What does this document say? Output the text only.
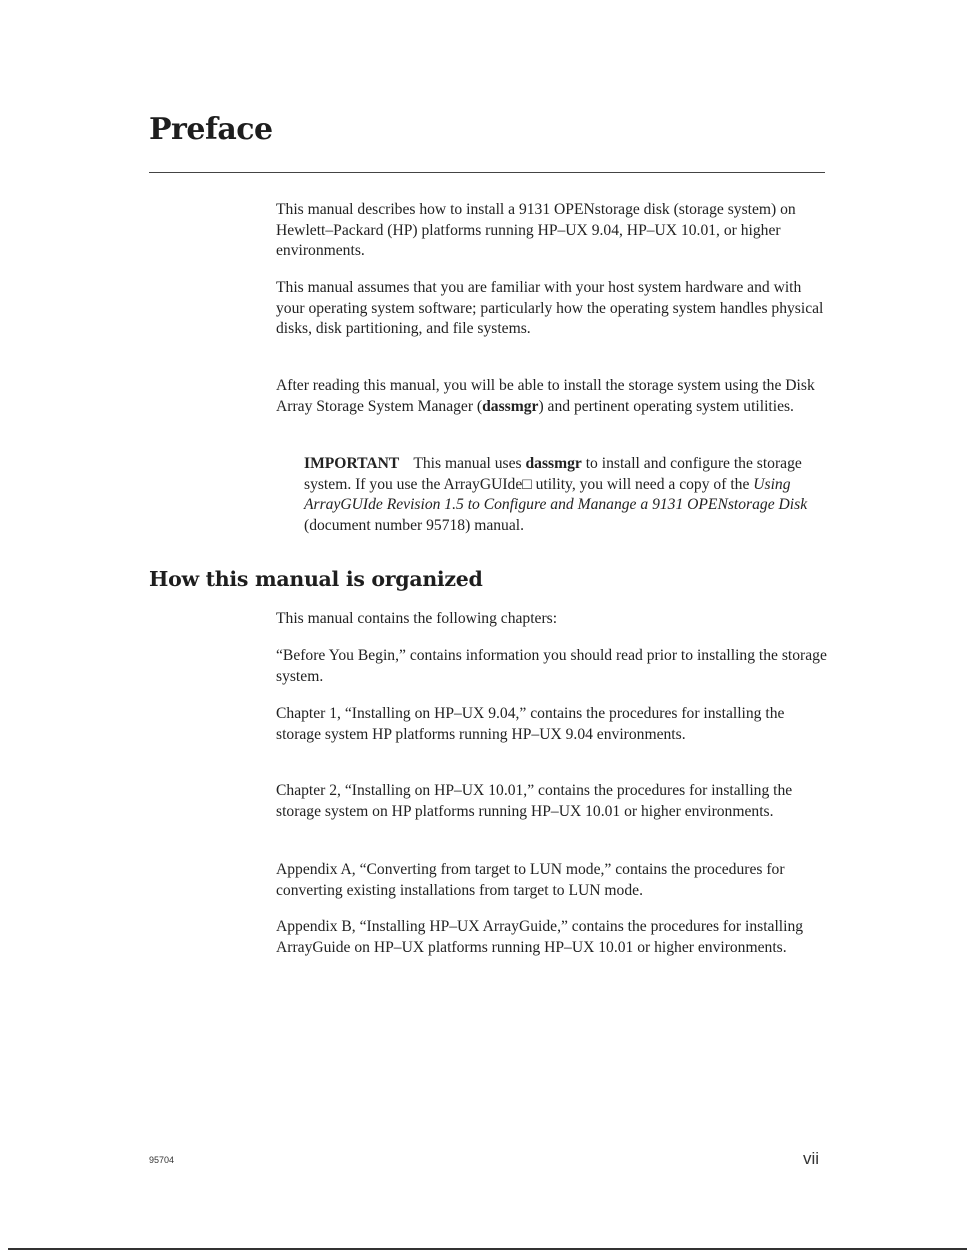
Preface

This manual describes how to install a 9131 OPENstorage disk (storage system) on Hewlett–Packard (HP) platforms running HP–UX 9.04, HP–UX 10.01, or higher environments.

This manual assumes that you are familiar with your host system hardware and with your operating system software; particularly how the operating system handles physical disks, disk partitioning, and file systems.

After reading this manual, you will be able to install the storage system using the Disk Array Storage System Manager (dassmgr) and pertinent operating system utilities.

IMPORTANT This manual uses dassmgr to install and configure the storage system. If you use the ArrayGUIde□ utility, you will need a copy of the Using ArrayGUIde Revision 1.5 to Configure and Manange a 9131 OPENstorage Disk (document number 95718) manual.

How this manual is organized

This manual contains the following chapters:

“Before You Begin,” contains information you should read prior to installing the storage system.

Chapter 1, “Installing on HP–UX 9.04,” contains the procedures for installing the storage system HP platforms running HP–UX 9.04 environments.

Chapter 2, “Installing on HP–UX 10.01,” contains the procedures for installing the storage system on HP platforms running HP–UX 10.01 or higher environments.

Appendix A, “Converting from target to LUN mode,” contains the procedures for converting existing installations from target to LUN mode.

Appendix B, “Installing HP–UX ArrayGuide,” contains the procedures for installing ArrayGuide on HP–UX platforms running HP–UX 10.01 or higher environments.

95704	vii
